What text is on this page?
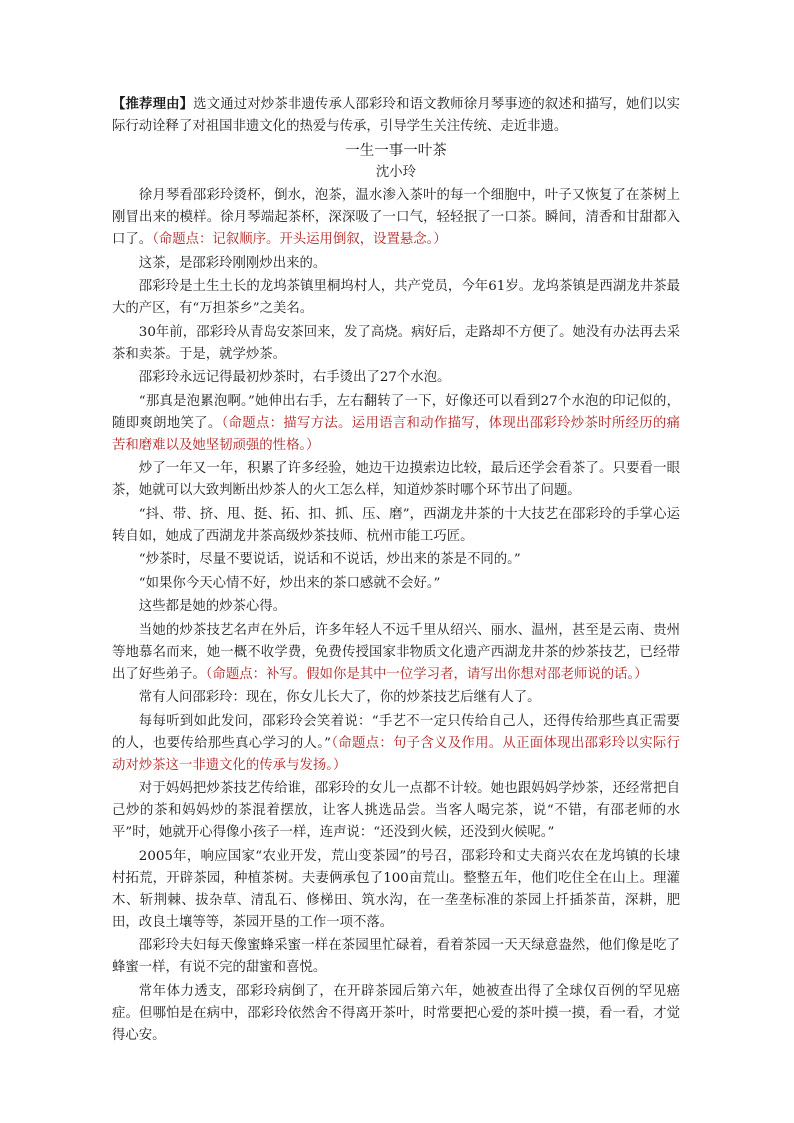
【推荐理由】选文通过对炒茶非遗传承人邵彩玲和语文教师徐月琴事迹的叙述和描写，她们以实际行动诠释了对祖国非遗文化的热爱与传承，引导学生关注传统、走近非遗。

一生一事一叶茶

沈小玲

徐月琴看邵彩玲烫杯，倒水，泡茶，温水渗入茶叶的每一个细胞中，叶子又恢复了在茶树上刚冒出来的模样。徐月琴端起茶杯，深深吸了一口气，轻轻抿了一口茶。瞬间，清香和甘甜都入口了。（命题点：记叙顺序。开头运用倒叙，设置悬念。）

这茶，是邵彩玲刚刚炒出来的。

邵彩玲是土生土长的龙坞茶镇里桐坞村人，共产党员，今年61岁。龙坞茶镇是西湖龙井茶最大的产区，有“万担茶乡”之美名。

30年前，邵彩玲从青岛安茶回来，发了高烧。病好后，走路却不方便了。她没有办法再去采茶和卖茶。于是，就学炒茶。

邵彩玲永远记得最初炒茶时，右手烫出了27个水泡。

“那真是泡累泡啊。”她伸出右手，左右翻转了一下，好像还可以看到27个水泡的印记似的，随即爽朗地笑了。（命题点：描写方法。运用语言和动作描写，体现出邵彩玲炒茶时所经历的痛苦和磨难以及她坚韧顽强的性格。）

炒了一年又一年，积累了许多经验，她边干边摸索边比较，最后还学会看茶了。只要看一眼茶，她就可以大致判断出炒茶人的火工怎么样，知道炒茶时哪个环节出了问题。

“抖、带、挤、甩、挺、拓、扣、抓、压、磨”，西湖龙井茶的十大技艺在邵彩玲的手掌心运转自如，她成了西湖龙井茶高级炒茶技师、杭州市能工巧匠。

“炒茶时，尽量不要说话，说话和不说话，炒出来的茶是不同的。”

“如果你今天心情不好，炒出来的茶口感就不会好。”

这些都是她的炒茶心得。

当她的炒茶技艺名声在外后，许多年轻人不远千里从绍兴、丽水、温州，甚至是云南、贵州等地慕名而来，她一概不收学费，免费传授国家非物质文化遗产西湖龙井茶的炒茶技艺，已经带出了好些弟子。（命题点：补写。假如你是其中一位学习者，请写出你想对邵老师说的话。）

常有人问邵彩玲：现在，你女儿长大了，你的炒茶技艺后继有人了。

每每听到如此发问，邵彩玲会笑着说：“手艺不一定只传给自己人，还得传给那些真正需要的人，也要传给那些真心学习的人。”（命题点：句子含义及作用。从正面体现出邵彩玲以实际行动对炒茶这一非遗文化的传承与发扬。）

对于妈妈把炒茶技艺传给谁，邵彩玲的女儿一点都不计较。她也跟妈妈学炒茶，还经常把自己炒的茶和妈妈炒的茶混着摆放，让客人挑选品尝。当客人喝完茶，说“不错，有邵老师的水平”时，她就开心得像小孩子一样，连声说：“还没到火候，还没到火候呢。”

2005年，响应国家“农业开发，荒山变茶园”的号召，邵彩玲和丈夫商兴农在龙坞镇的长埭村拓荒，开辟茶园，种植茶树。夫妻俩承包了100亩荒山。整整五年，他们吃住全在山上。理灌木、斩荆棘、拔杂草、清乱石、修梯田、筑水沟，在一垄垄标准的茶园上扦插茶苗，深耕，肥田，改良土壤等等，茶园开垦的工作一项不落。

邵彩玲夫妇每天像蜜蜂采蜜一样在茶园里忙碌着，看着茶园一天天绿意盎然，他们像是吃了蜂蜜一样，有说不完的甜蜜和喜悦。

常年体力透支，邵彩玲病倒了，在开辟茶园后第六年，她被查出得了全球仅百例的罕见癌症。但哪怕是在病中，邵彩玲依然舍不得离开茶叶，时常要把心爱的茶叶摸一摸，看一看，才觉得心安。
